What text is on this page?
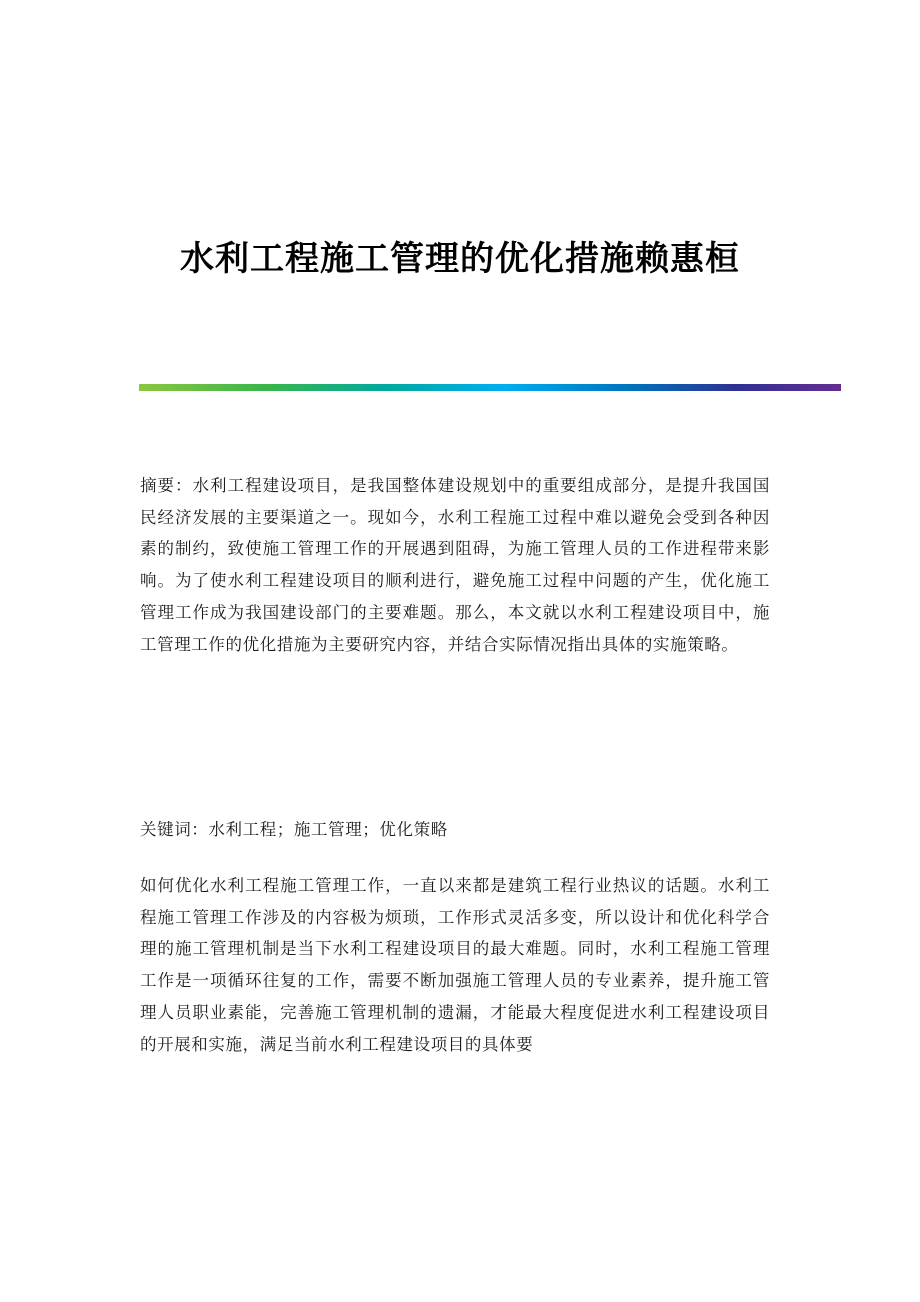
水利工程施工管理的优化措施赖惠桓

摘要：水利工程建设项目，是我国整体建设规划中的重要组成部分，是提升我国国民经济发展的主要渠道之一。现如今，水利工程施工过程中难以避免会受到各种因素的制约，致使施工管理工作的开展遇到阻碍，为施工管理人员的工作进程带来影响。为了使水利工程建设项目的顺利进行，避免施工过程中问题的产生，优化施工管理工作成为我国建设部门的主要难题。那么，本文就以水利工程建设项目中，施工管理工作的优化措施为主要研究内容，并结合实际情况指出具体的实施策略。

关键词：水利工程；施工管理；优化策略

如何优化水利工程施工管理工作，一直以来都是建筑工程行业热议的话题。水利工程施工管理工作涉及的内容极为烦琐，工作形式灵活多变，所以设计和优化科学合理的施工管理机制是当下水利工程建设项目的最大难题。同时，水利工程施工管理工作是一项循环往复的工作，需要不断加强施工管理人员的专业素养，提升施工管理人员职业素能，完善施工管理机制的遗漏，才能最大程度促进水利工程建设项目的开展和实施，满足当前水利工程建设项目的具体要
